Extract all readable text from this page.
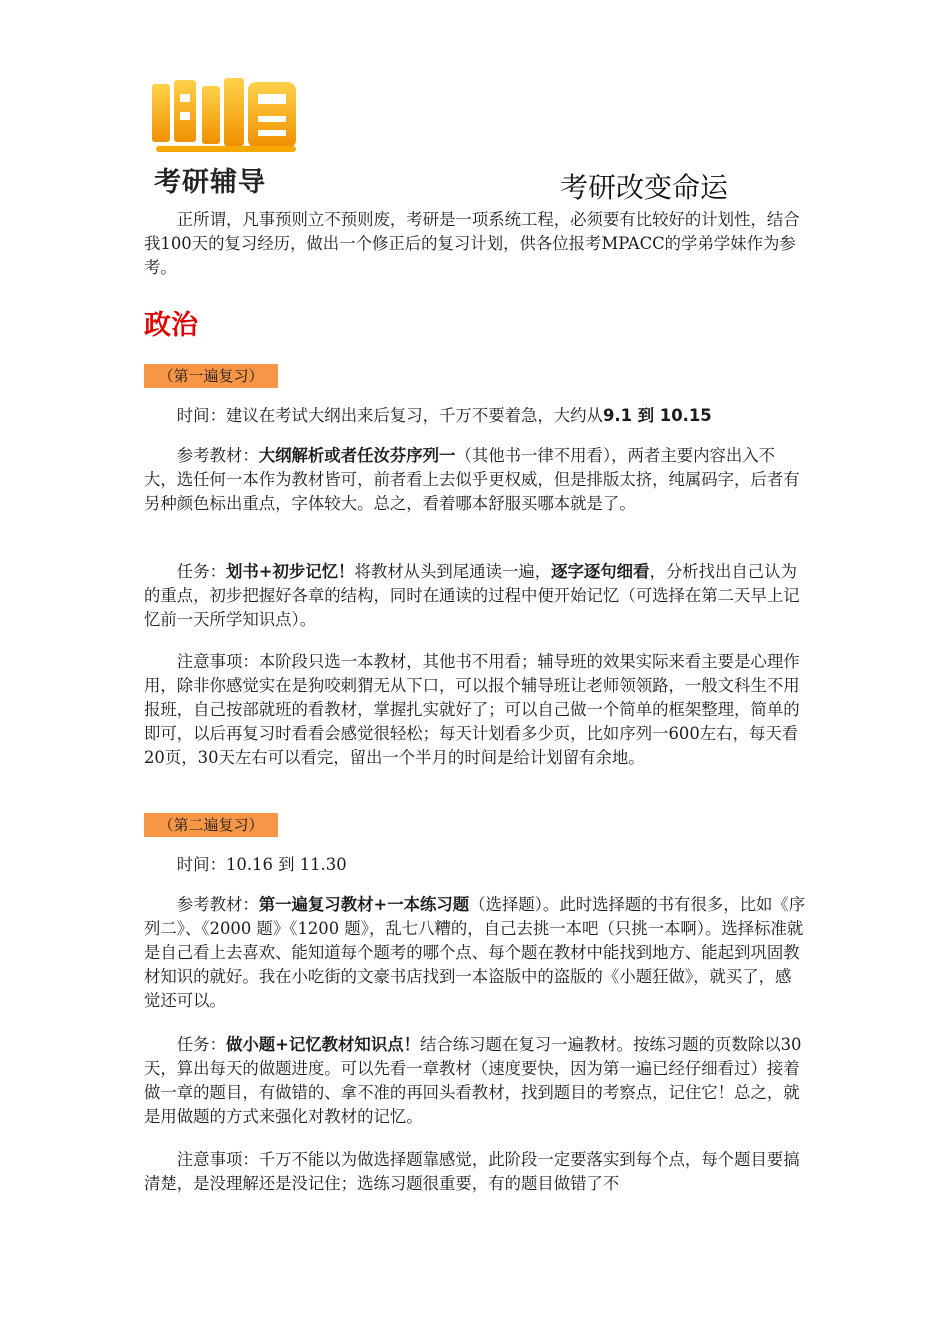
考研辅导	考研改变命运
正所谓，凡事预则立不预则废，考研是一项系统工程，必须要有比较好的计划性，结合我100天的复习经历，做出一个修正后的复习计划，供各位报考MPACC的学弟学妹作为参考。
政治
（第一遍复习）
时间：建议在考试大纲出来后复习，千万不要着急，大约从9.1 到 10.15
参考教材：大纲解析或者任汝芬序列一（其他书一律不用看），两者主要内容出入不大，选任何一本作为教材皆可，前者看上去似乎更权威，但是排版太挤，纯属码字，后者有另种颜色标出重点，字体较大。总之，看着哪本舒服买哪本就是了。
任务：划书+初步记忆！将教材从头到尾通读一遍，逐字逐句细看，分析找出自己认为的重点，初步把握好各章的结构，同时在通读的过程中便开始记忆（可选择在第二天早上记忆前一天所学知识点）。
注意事项：本阶段只选一本教材，其他书不用看；辅导班的效果实际来看主要是心理作用，除非你感觉实在是狗咬刺猬无从下口，可以报个辅导班让老师领领路，一般文科生不用报班，自己按部就班的看教材，掌握扎实就好了；可以自己做一个简单的框架整理，简单的即可，以后再复习时看看会感觉很轻松；每天计划看多少页，比如序列一600左右，每天看20页，30天左右可以看完，留出一个半月的时间是给计划留有余地。
（第二遍复习）
时间：10.16 到 11.30
参考教材：第一遍复习教材+一本练习题（选择题）。此时选择题的书有很多，比如《序列二》、《2000 题》《1200 题》，乱七八糟的，自己去挑一本吧（只挑一本啊）。选择标准就是自己看上去喜欢、能知道每个题考的哪个点、每个题在教材中能找到地方、能起到巩固教材知识的就好。我在小吃街的文豪书店找到一本盗版中的盗版的《小题狂做》，就买了，感觉还可以。
任务：做小题+记忆教材知识点！结合练习题在复习一遍教材。按练习题的页数除以30天，算出每天的做题进度。可以先看一章教材（速度要快，因为第一遍已经仔细看过）接着做一章的题目，有做错的、拿不准的再回头看教材，找到题目的考察点，记住它！总之，就是用做题的方式来强化对教材的记忆。
注意事项：千万不能以为做选择题靠感觉，此阶段一定要落实到每个点，每个题目要搞清楚，是没理解还是没记住；选练习题很重要，有的题目做错了不
